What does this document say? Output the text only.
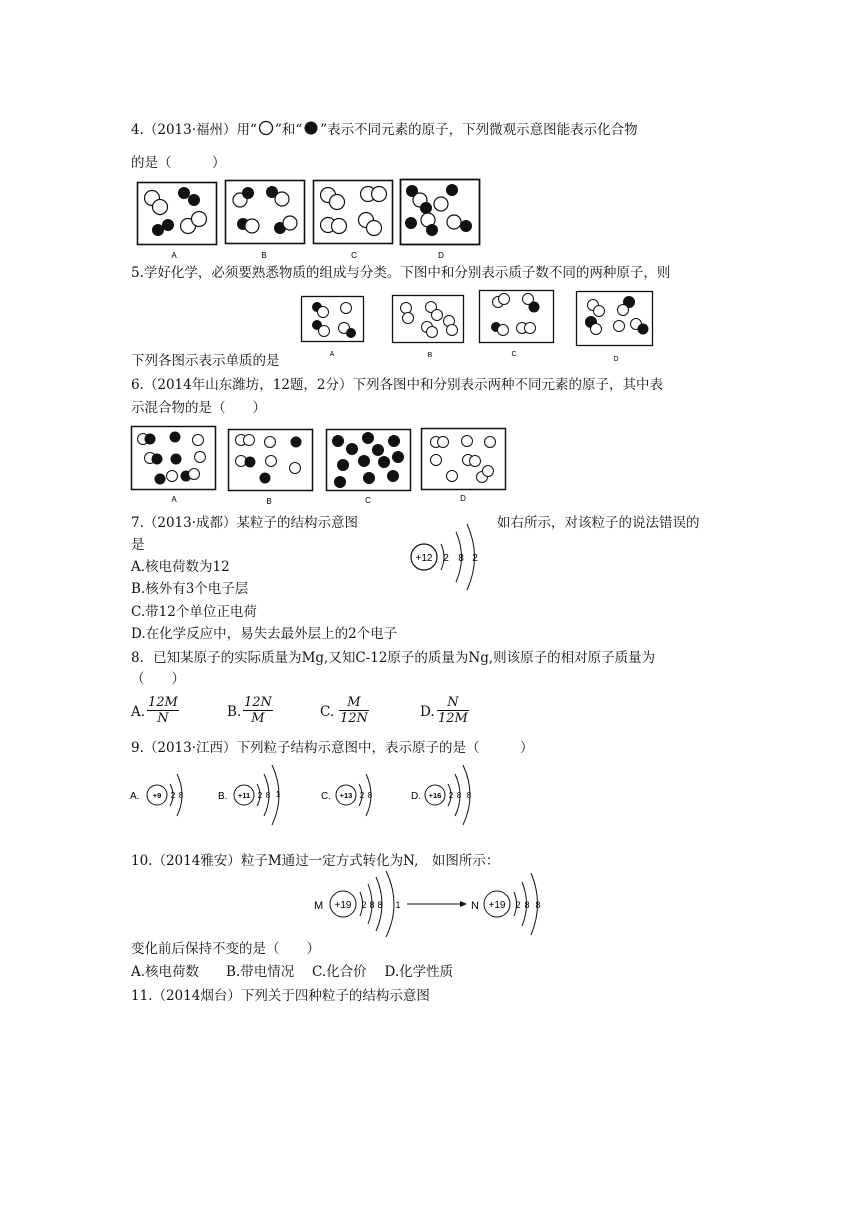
4.（2013·福州）用“ ”和“ ”表示不同元素的原子，下列微观示意图能表示化合物
的是（　　　）
A	B	C	D
5.学好化学，必须要熟悉物质的组成与分类。下图中和分别表示质子数不同的两种原子，则
A	B	C
D
下列各图示表示单质的是
6.（2014年山东潍坊，12题，2分）下列各图中和分别表示两种不同元素的原子，其中表
示混合物的是（　　）
A	B	C	D
7.（2013·成都）某粒子的结构示意图	如右所示，对该粒子的说法错误的
是
+12 2 8 2
A.核电荷数为12
B.核外有3个电子层
C.带12个单位正电荷
D.在化学反应中，易失去最外层上的2个电子
8．已知某原子的实际质量为Mg,又知C-12原子的质量为Ng,则该原子的相对原子质量为
（　　）
A. $\frac{12M}{N}$	B. $\frac{12N}{M}$	C. $\frac{M}{12N}$	D. $\frac{N}{12M}$
9.（2013·江西）下列粒子结构示意图中，表示原子的是（　　　）
A. +9 2 8	B. +11 2 8 1	C. +13 2 8	D. +16 2 8 8
10.（2014雅安）粒子M通过一定方式转化为N,　如图所示：
M +19 2 8 8 1	N +19 2 8 8
变化前后保持不变的是（　　）
A.核电荷数　　B.带电情况　 C.化合价　 D.化学性质
11.（2014烟台）下列关于四种粒子的结构示意图
